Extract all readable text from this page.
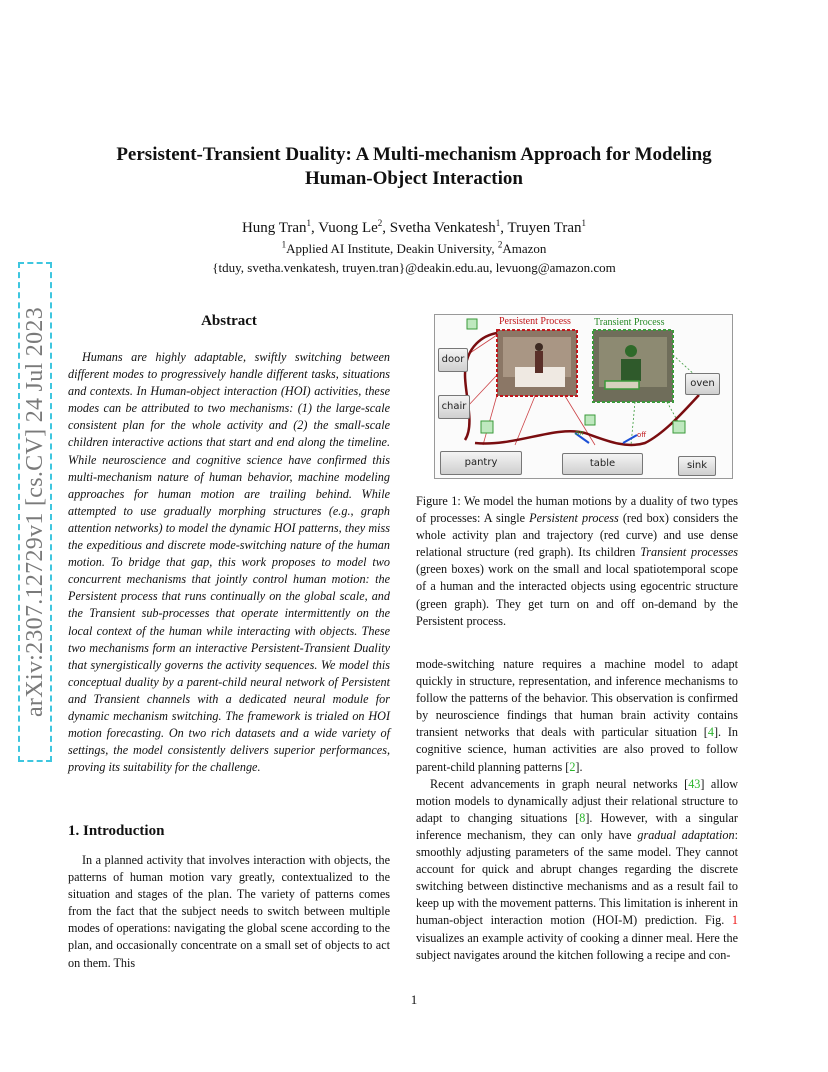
arXiv:2307.12729v1 [cs.CV] 24 Jul 2023
Persistent-Transient Duality: A Multi-mechanism Approach for Modeling
Human-Object Interaction
Hung Tran$^1$, Vuong Le$^2$, Svetha Venkatesh$^1$, Truyen Tran$^1$
$^1$Applied AI Institute, Deakin University, $^2$Amazon
{tduy, svetha.venkatesh, truyen.tran}@deakin.edu.au, levuong@amazon.com
Abstract

Humans are highly adaptable, swiftly switching between different modes to progressively handle different tasks, situations and contexts. In Human-object interaction (HOI) activities, these modes can be attributed to two mechanisms: (1) the large-scale consistent plan for the whole activity and (2) the small-scale children interactive actions that start and end along the timeline. While neuroscience and cognitive science have confirmed this multi-mechanism nature of human behavior, machine modeling approaches for human motion are trailing behind. While attempted to use gradually morphing structures (e.g., graph attention networks) to model the dynamic HOI patterns, they miss the expeditious and discrete mode-switching nature of the human motion. To bridge that gap, this work proposes to model two concurrent mechanisms that jointly control human motion: the Persistent process that runs continually on the global scale, and the Transient sub-processes that operate intermittently on the local context of the human while interacting with objects. These two mechanisms form an interactive Persistent-Transient Duality that synergistically governs the activity sequences. We model this conceptual duality by a parent-child neural network of Persistent and Transient channels with a dedicated neural module for dynamic mechanism switching. The framework is trialed on HOI motion forecasting. On two rich datasets and a wide variety of settings, the model consistently delivers superior performances, proving its suitability for the challenge.

1. Introduction

In a planned activity that involves interaction with objects, the patterns of human motion vary greatly, contextualized to the situation and stages of the plan. The variety of patterns comes from the fact that the subject needs to switch between multiple modes of operations: navigating the global scene according to the plan, and occasionally concentrate on a small set of objects to act on them. This

on	off
Persistent Process Transient Process
door
chair
oven
pantry	table	sink

Figure 1: We model the human motions by a duality of two types of processes: A single Persistent process (red box) considers the whole activity plan and trajectory (red curve) and use dense relational structure (red graph). Its children Transient processes (green boxes) work on the small and local spatiotemporal scope of a human and the interacted objects using egocentric structure (green graph). They get turn on and off on-demand by the Persistent process.

mode-switching nature requires a machine model to adapt quickly in structure, representation, and inference mechanisms to follow the patterns of the behavior. This observation is confirmed by neuroscience findings that human brain activity contains transient networks that deals with particular situation [4]. In cognitive science, human activities are also proved to follow parent-child planning patterns [2].

Recent advancements in graph neural networks [43] allow motion models to dynamically adjust their relational structure to adapt to changing situations [8]. However, with a singular inference mechanism, they can only have gradual adaptation: smoothly adjusting parameters of the same model. They cannot account for quick and abrupt changes regarding the discrete switching between distinctive mechanisms and as a result fail to keep up with the movement patterns. This limitation is inherent in human-object interaction motion (HOI-M) prediction. Fig. 1 visualizes an example activity of cooking a dinner meal. Here the subject navigates around the kitchen following a recipe and con-

1
